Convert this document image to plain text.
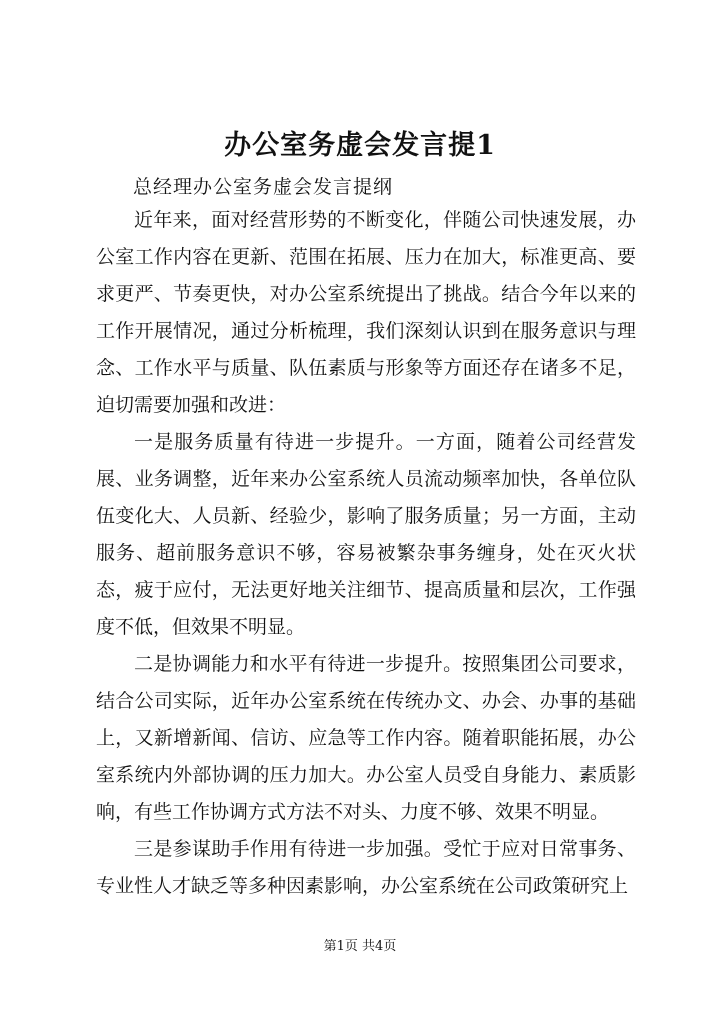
办公室务虚会发言提1
总经理办公室务虚会发言提纲

近年来，面对经营形势的不断变化，伴随公司快速发展，办公室工作内容在更新、范围在拓展、压力在加大，标准更高、要求更严、节奏更快，对办公室系统提出了挑战。结合今年以来的工作开展情况，通过分析梳理，我们深刻认识到在服务意识与理念、工作水平与质量、队伍素质与形象等方面还存在诸多不足，迫切需要加强和改进：

一是服务质量有待进一步提升。一方面，随着公司经营发展、业务调整，近年来办公室系统人员流动频率加快，各单位队伍变化大、人员新、经验少，影响了服务质量；另一方面，主动服务、超前服务意识不够，容易被繁杂事务缠身，处在灭火状态，疲于应付，无法更好地关注细节、提高质量和层次，工作强度不低，但效果不明显。

二是协调能力和水平有待进一步提升。按照集团公司要求，结合公司实际，近年办公室系统在传统办文、办会、办事的基础上，又新增新闻、信访、应急等工作内容。随着职能拓展，办公室系统内外部协调的压力加大。办公室人员受自身能力、素质影响，有些工作协调方式方法不对头、力度不够、效果不明显。

三是参谋助手作用有待进一步加强。受忙于应对日常事务、专业性人才缺乏等多种因素影响，办公室系统在公司政策研究上

第1页 共4页
